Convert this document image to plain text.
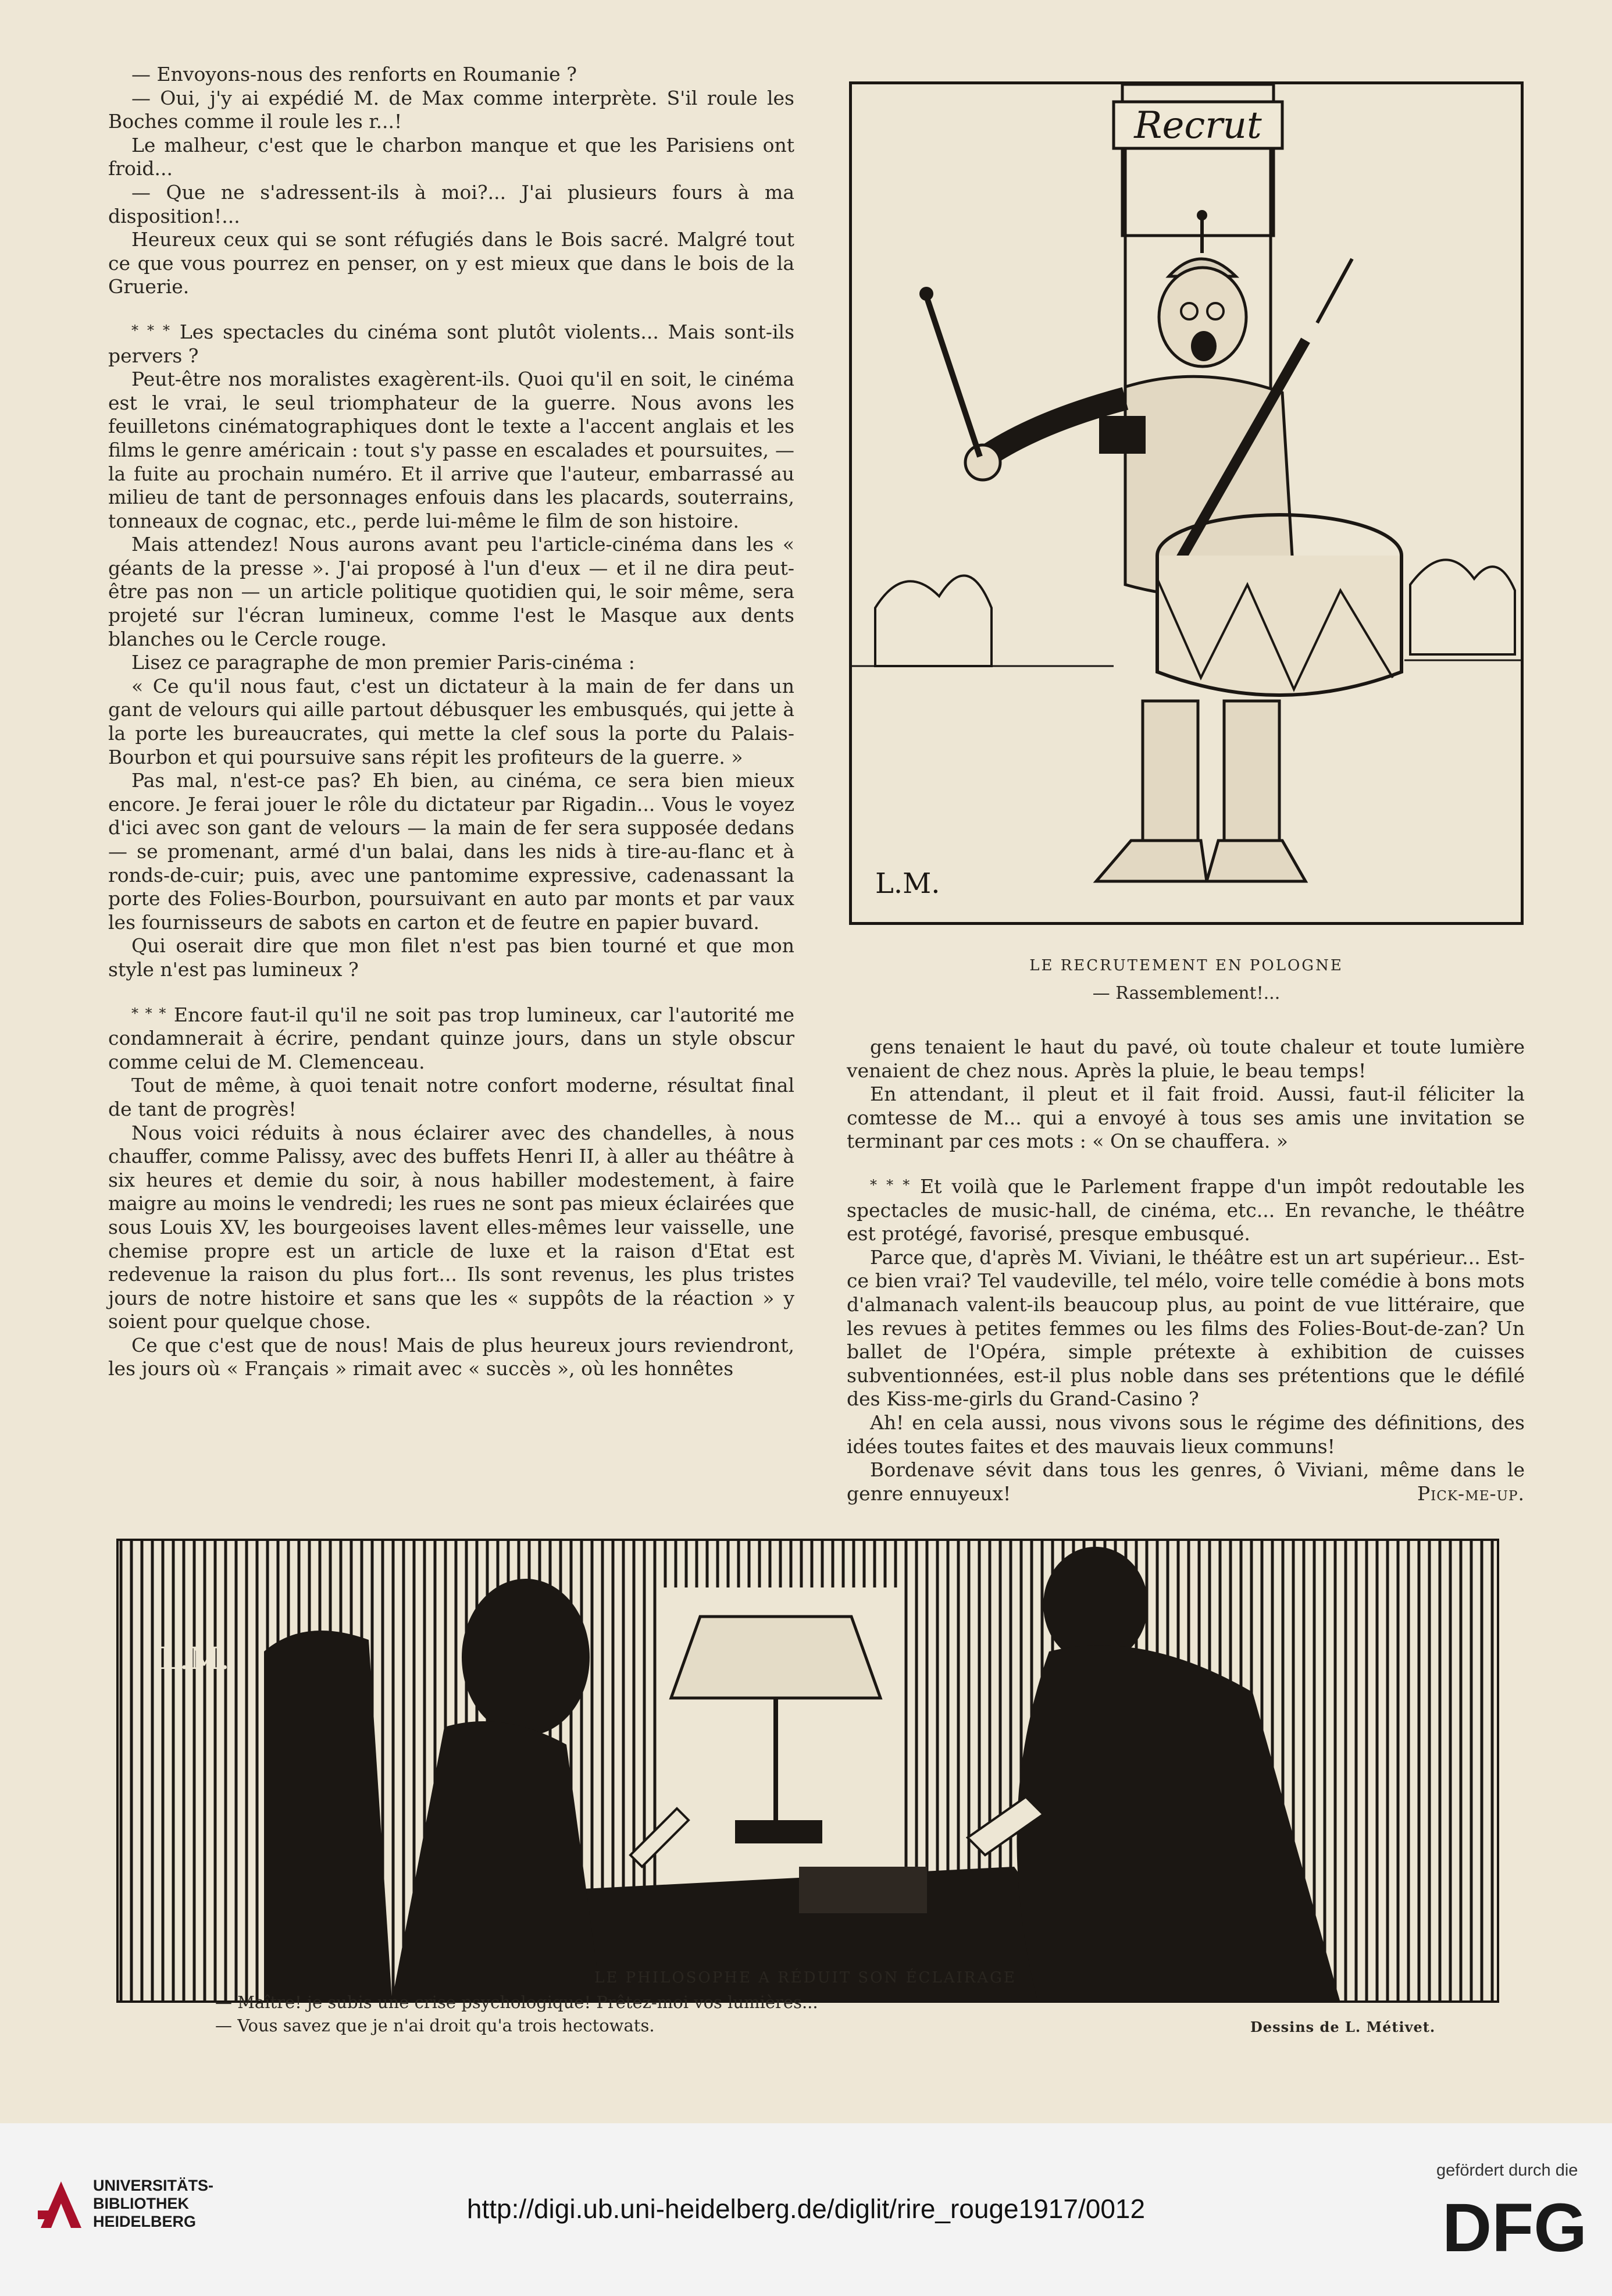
— Envoyons-nous des renforts en Roumanie ?

— Oui, j'y ai expédié M. de Max comme interprète. S'il roule les Boches comme il roule les r...!

Le malheur, c'est que le charbon manque et que les Parisiens ont froid...

— Que ne s'adressent-ils à moi?... J'ai plusieurs fours à ma disposition!...

Heureux ceux qui se sont réfugiés dans le Bois sacré. Malgré tout ce que vous pourrez en penser, on y est mieux que dans le bois de la Gruerie.

* * * Les spectacles du cinéma sont plutôt violents... Mais sont-ils pervers ?

Peut-être nos moralistes exagèrent-ils. Quoi qu'il en soit, le cinéma est le vrai, le seul triomphateur de la guerre. Nous avons les feuilletons cinématographiques dont le texte a l'accent anglais et les films le genre américain : tout s'y passe en escalades et poursuites, — la fuite au prochain numéro. Et il arrive que l'auteur, embarrassé au milieu de tant de personnages enfouis dans les placards, souterrains, tonneaux de cognac, etc., perde lui-même le film de son histoire.

Mais attendez! Nous aurons avant peu l'article-cinéma dans les « géants de la presse ». J'ai proposé à l'un d'eux — et il ne dira peut-être pas non — un article politique quotidien qui, le soir même, sera projeté sur l'écran lumineux, comme l'est le Masque aux dents blanches ou le Cercle rouge.

Lisez ce paragraphe de mon premier Paris-cinéma :

« Ce qu'il nous faut, c'est un dictateur à la main de fer dans un gant de velours qui aille partout débusquer les embusqués, qui jette à la porte les bureaucrates, qui mette la clef sous la porte du Palais-Bourbon et qui poursuive sans répit les profiteurs de la guerre. »

Pas mal, n'est-ce pas? Eh bien, au cinéma, ce sera bien mieux encore. Je ferai jouer le rôle du dictateur par Rigadin... Vous le voyez d'ici avec son gant de velours — la main de fer sera supposée dedans — se promenant, armé d'un balai, dans les nids à tire-au-flanc et à ronds-de-cuir; puis, avec une pantomime expressive, cadenassant la porte des Folies-Bourbon, poursuivant en auto par monts et par vaux les fournisseurs de sabots en carton et de feutre en papier buvard.

Qui oserait dire que mon filet n'est pas bien tourné et que mon style n'est pas lumineux ?

* * * Encore faut-il qu'il ne soit pas trop lumineux, car l'autorité me condamnerait à écrire, pendant quinze jours, dans un style obscur comme celui de M. Clemenceau.

Tout de même, à quoi tenait notre confort moderne, résultat final de tant de progrès!

Nous voici réduits à nous éclairer avec des chandelles, à nous chauffer, comme Palissy, avec des buffets Henri II, à aller au théâtre à six heures et demie du soir, à nous habiller modestement, à faire maigre au moins le vendredi; les rues ne sont pas mieux éclairées que sous Louis XV, les bourgeoises lavent elles-mêmes leur vaisselle, une chemise propre est un article de luxe et la raison d'Etat est redevenue la raison du plus fort... Ils sont revenus, les plus tristes jours de notre histoire et sans que les « suppôts de la réaction » y soient pour quelque chose.

Ce que c'est que de nous! Mais de plus heureux jours reviendront, les jours où « Français » rimait avec « succès », où les honnêtes

Recrut
L.M.
LE RECRUTEMENT EN POLOGNE
— Rassemblement!...

gens tenaient le haut du pavé, où toute chaleur et toute lumière venaient de chez nous. Après la pluie, le beau temps!

En attendant, il pleut et il fait froid. Aussi, faut-il féliciter la comtesse de M... qui a envoyé à tous ses amis une invitation se terminant par ces mots : « On se chauffera. »

* * * Et voilà que le Parlement frappe d'un impôt redoutable les spectacles de music-hall, de cinéma, etc... En revanche, le théâtre est protégé, favorisé, presque embusqué.

Parce que, d'après M. Viviani, le théâtre est un art supérieur... Est-ce bien vrai? Tel vaudeville, tel mélo, voire telle comédie à bons mots d'almanach valent-ils beaucoup plus, au point de vue littéraire, que les revues à petites femmes ou les films des Folies-Bout-de-zan? Un ballet de l'Opéra, simple prétexte à exhibition de cuisses subventionnées, est-il plus noble dans ses prétentions que le défilé des Kiss-me-girls du Grand-Casino ?

Ah! en cela aussi, nous vivons sous le régime des définitions, des idées toutes faites et des mauvais lieux communs!

Bordenave sévit dans tous les genres, ô Viviani, même dans le genre ennuyeux!	Pick-me-up.

L.M.
LE PHILOSOPHE A RÉDUIT SON ÉCLAIRAGE
— Maître! je subis une crise psychologique! Prêtez-moi vos lumières...
— Vous savez que je n'ai droit qu'a trois hectowats.	Dessins de L. Métivet.
UNIVERSITÄTS-
BIBLIOTHEK
HEIDELBERG	http://digi.ub.uni-heidelberg.de/diglit/rire_rouge1917/0012
gefördert durch die
DFG
